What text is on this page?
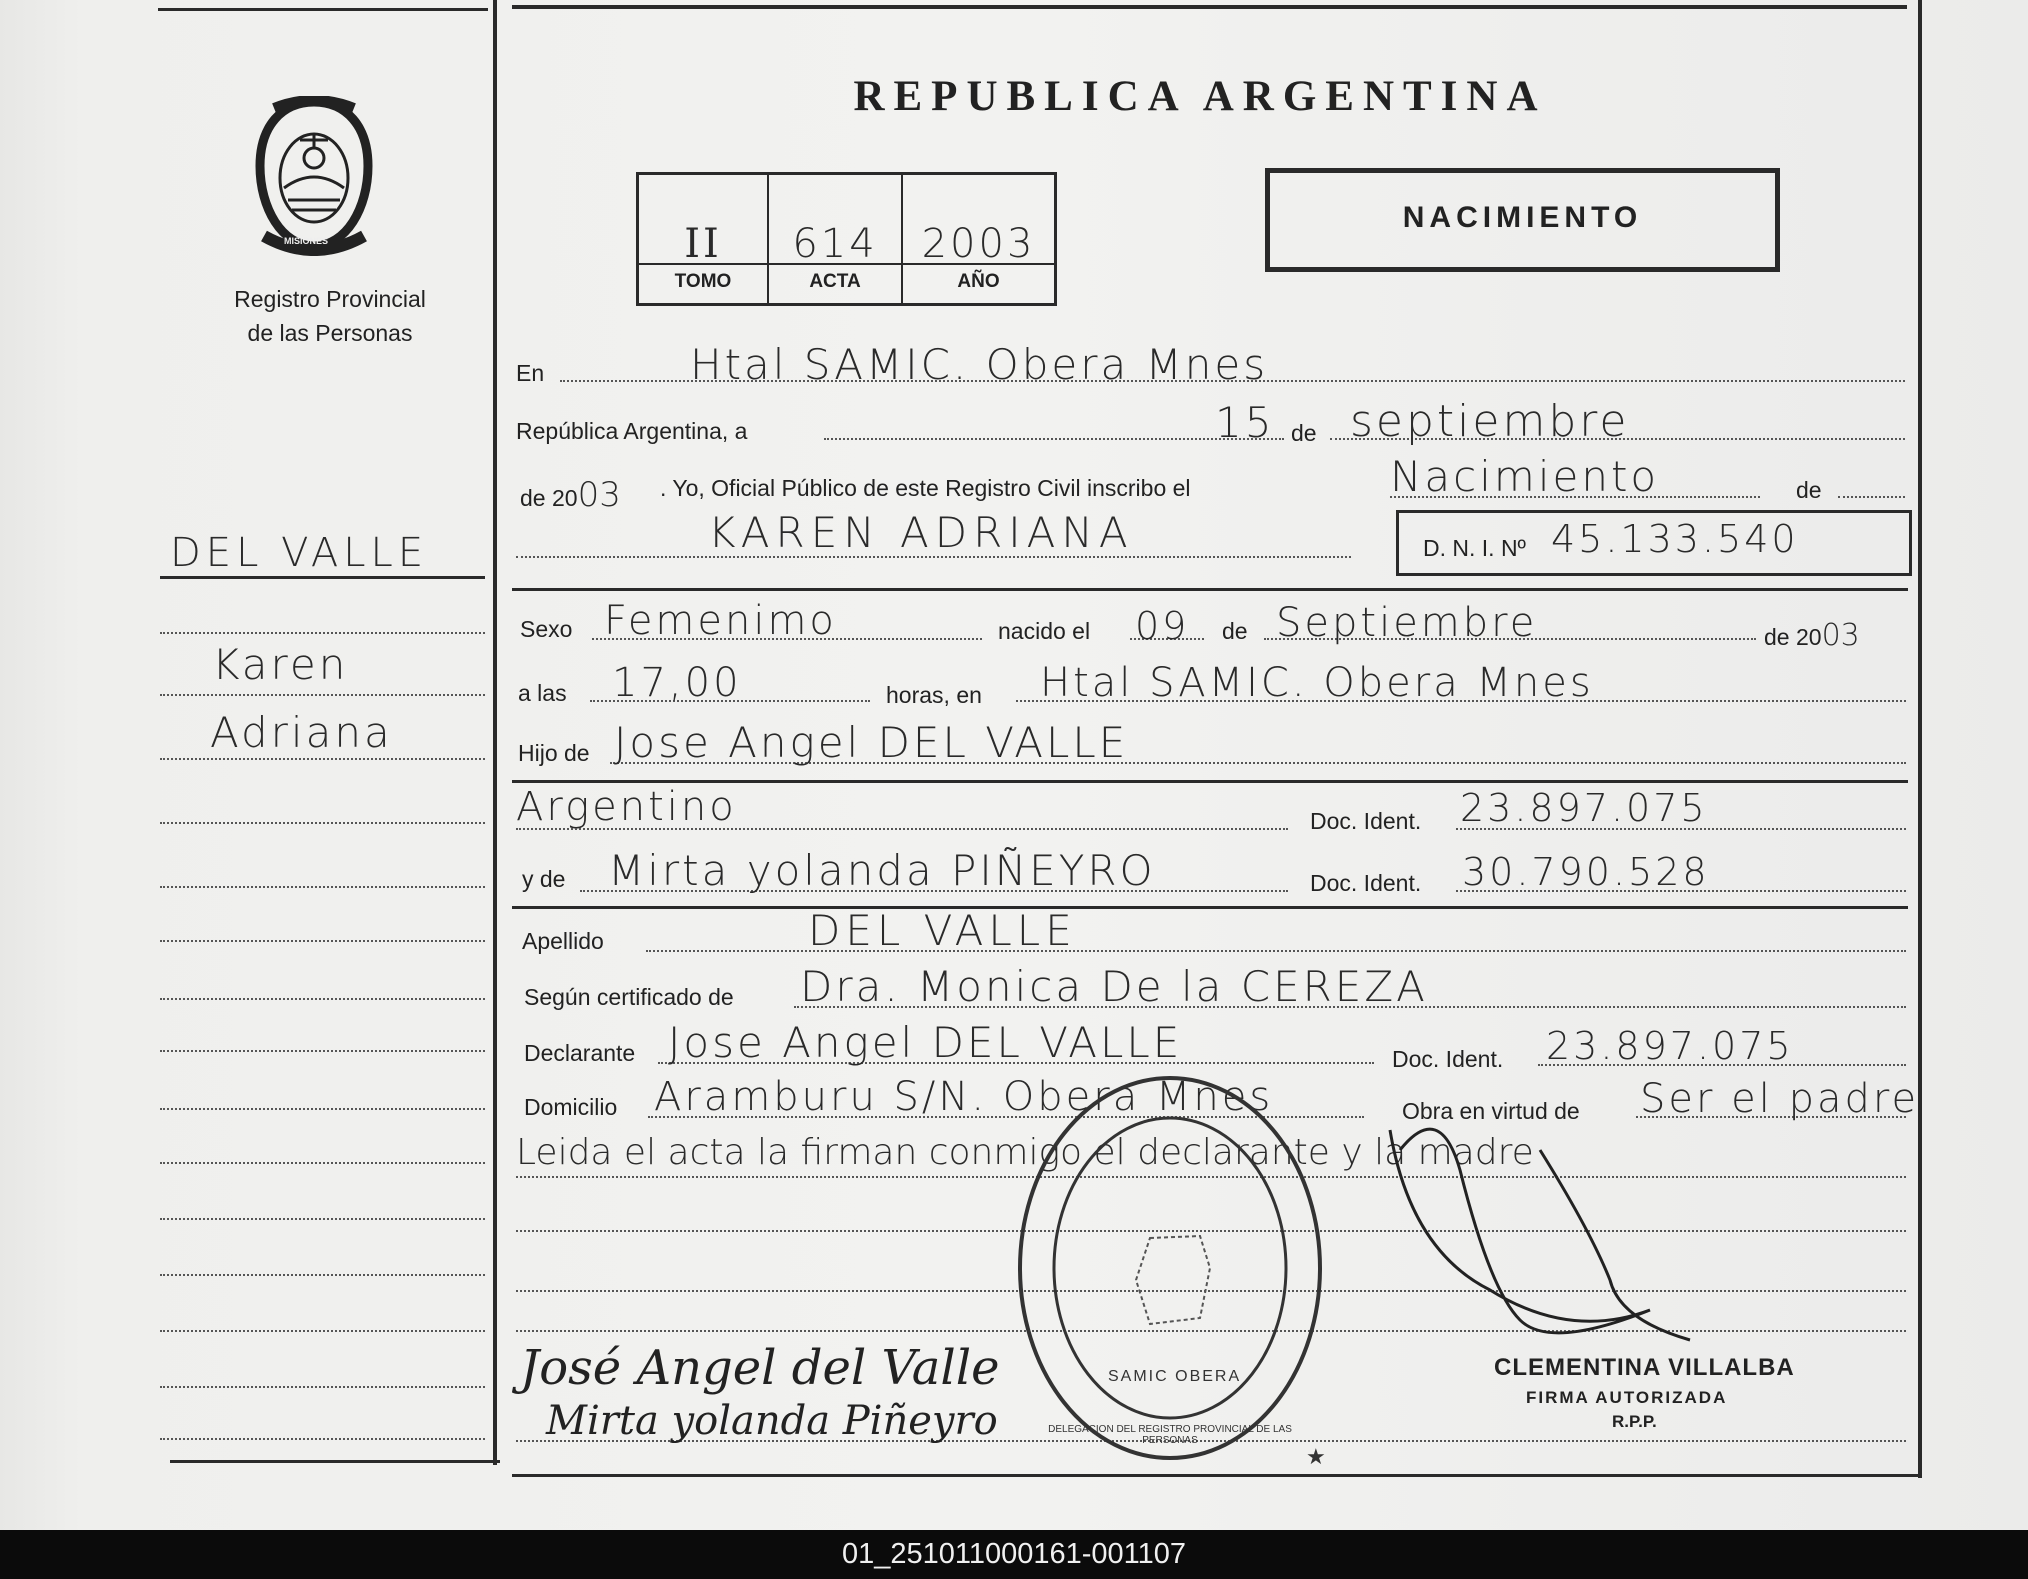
MISIONES
Registro Provincial
de las Personas
REPUBLICA ARGENTINA
II	614	2003
TOMO	ACTA	AÑO
NACIMIENTO
DEL VALLE
Karen
Adriana
En	Htal SAMIC. Obera Mnes
República Argentina, a	15 de septiembre
de 2003 . Yo, Oficial Público de este Registro Civil inscribo el	Nacimiento	de
KAREN ADRIANA	D. N. I. Nº 45.133.540
Sexo Femenimo	nacido el 09 de Septiembre	de 2003
a las 17,00	horas, en Htal SAMIC. Obera Mnes
Hijo de Jose Angel DEL VALLE
Argentino	Doc. Ident. 23.897.075
y de Mirta yolanda PIÑEYRO	Doc. Ident. 30.790.528
Apellido	DEL VALLE
Según certificado de Dra. Monica De la CEREZA
Declarante Jose Angel DEL VALLE	Doc. Ident. 23.897.075
Domicilio Aramburu S/N. Obera Mnes	Obra en virtud de Ser el padre
Leida el acta la firman conmigo el declarante y la madre
★
SAMIC OBERA
DELEGACION DEL REGISTRO PROVINCIAL DE LAS PERSONAS
José Angel del Valle
Mirta yolanda Piñeyro
CLEMENTINA VILLALBA
FIRMA AUTORIZADA
R.P.P.
01_251011000161-001107
